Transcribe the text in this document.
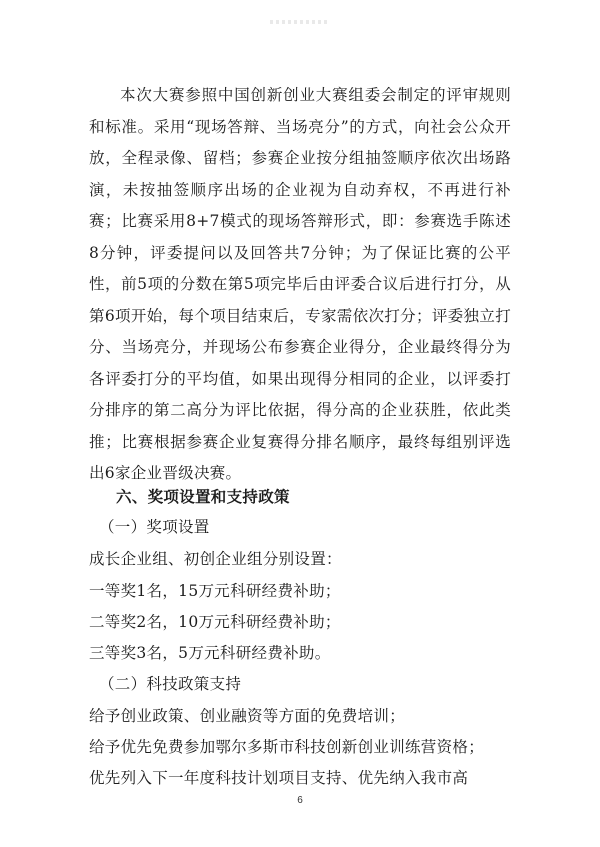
本次大赛参照中国创新创业大赛组委会制定的评审规则和标准。采用“现场答辩、当场亮分”的方式，向社会公众开放，全程录像、留档；参赛企业按分组抽签顺序依次出场路演，未按抽签顺序出场的企业视为自动弃权，不再进行补赛；比赛采用8+7模式的现场答辩形式，即：参赛选手陈述8分钟，评委提问以及回答共7分钟；为了保证比赛的公平性，前5项的分数在第5项完毕后由评委合议后进行打分，从第6项开始，每个项目结束后，专家需依次打分；评委独立打分、当场亮分，并现场公布参赛企业得分，企业最终得分为各评委打分的平均值，如果出现得分相同的企业，以评委打分排序的第二高分为评比依据，得分高的企业获胜，依此类推；比赛根据参赛企业复赛得分排名顺序，最终每组别评选出6家企业晋级决赛。

六、奖项设置和支持政策

（一）奖项设置

成长企业组、初创企业组分别设置：

一等奖1名，15万元科研经费补助；

二等奖2名，10万元科研经费补助；

三等奖3名，5万元科研经费补助。

（二）科技政策支持

给予创业政策、创业融资等方面的免费培训；

给予优先免费参加鄂尔多斯市科技创新创业训练营资格；

优先列入下一年度科技计划项目支持、优先纳入我市高

6
